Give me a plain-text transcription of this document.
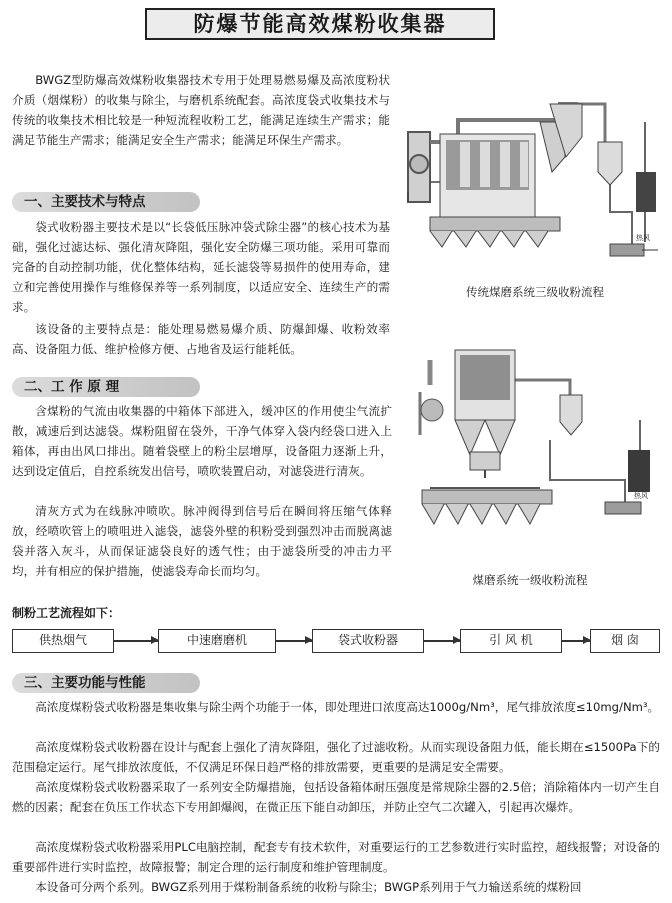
防爆节能高效煤粉收集器

BWGZ型防爆高效煤粉收集器技术专用于处理易燃易爆及高浓度粉状介质（烟煤粉）的收集与除尘，与磨机系统配套。高浓度袋式收集技术与传统的收集技术相比较是一种短流程收粉工艺，能满足连续生产需求；能满足节能生产需求；能满足安全生产需求；能满足环保生产需求。

一、主要技术与特点

袋式收粉器主要技术是以“长袋低压脉冲袋式除尘器”的核心技术为基础，强化过滤达标、强化清灰降阻，强化安全防爆三项功能。采用可靠而完备的自动控制功能，优化整体结构，延长滤袋等易损件的使用寿命，建立和完善使用操作与维修保养等一系列制度，以适应安全、连续生产的需求。

该设备的主要特点是：能处理易燃易爆介质、防爆卸爆、收粉效率高、设备阻力低、维护检修方便、占地省及运行能耗低。

二、工 作 原 理

含煤粉的气流由收集器的中箱体下部进入，缓冲区的作用使尘气流扩散，减速后到达滤袋。煤粉阻留在袋外，干净气体穿入袋内经袋口进入上箱体，再由出风口排出。随着袋壁上的粉尘层增厚，设备阻力逐渐上升，达到设定值后，自控系统发出信号，喷吹装置启动，对滤袋进行清灰。

清灰方式为在线脉冲喷吹。脉冲阀得到信号后在瞬间将压缩气体释放，经喷吹管上的喷咀进入滤袋，滤袋外壁的积粉受到强烈冲击而脱离滤袋并落入灰斗，从而保证滤袋良好的透气性；由于滤袋所受的冲击力平均，并有相应的保护措施，使滤袋寿命长而均匀。

热风
传统煤磨系统三级收粉流程
热风
煤磨系统一级收粉流程
制粉工艺流程如下：
供热烟气	中速磨磨机	袋式收粉器	引 风 机	烟 囱
三、主要功能与性能

高浓度煤粉袋式收粉器是集收集与除尘两个功能于一体，即处理进口浓度高达1000g/Nm³，尾气排放浓度≤10mg/Nm³。

高浓度煤粉袋式收粉器在设计与配套上强化了清灰降阻，强化了过滤收粉。从而实现设备阻力低，能长期在≤1500Pa下的范围稳定运行。尾气排放浓度低，不仅满足环保日趋严格的排放需要，更重要的是满足安全需要。

高浓度煤粉袋式收粉器采取了一系列安全防爆措施，包括设备箱体耐压强度是常规除尘器的2.5倍；消除箱体内一切产生自燃的因素；配套在负压工作状态下专用卸爆阀，在微正压下能自动卸压，并防止空气二次罐入，引起再次爆炸。

高浓度煤粉袋式收粉器采用PLC电脑控制，配套专有技术软件，对重要运行的工艺参数进行实时监控，超线报警；对设备的重要部件进行实时监控，故障报警；制定合理的运行制度和维护管理制度。

本设备可分两个系列。BWGZ系列用于煤粉制备系统的收粉与除尘；BWGP系列用于气力输送系统的煤粉回
